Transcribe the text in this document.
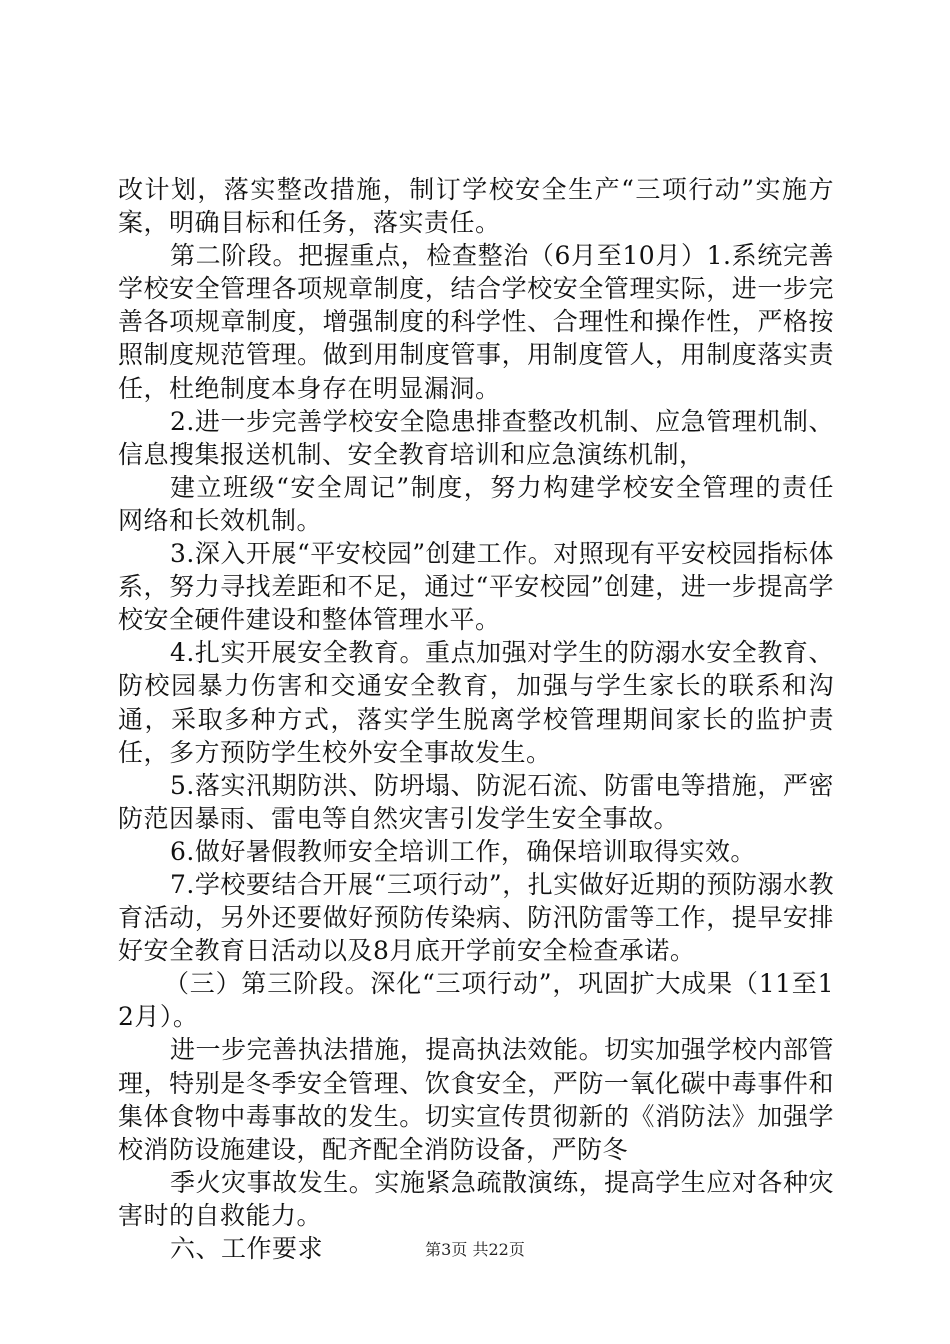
改计划，落实整改措施，制订学校安全生产“三项行动”实施方案，明确目标和任务，落实责任。

第二阶段。把握重点，检查整治（6月至10月）1.系统完善学校安全管理各项规章制度，结合学校安全管理实际，进一步完善各项规章制度，增强制度的科学性、合理性和操作性，严格按照制度规范管理。做到用制度管事，用制度管人，用制度落实责任，杜绝制度本身存在明显漏洞。

2.进一步完善学校安全隐患排查整改机制、应急管理机制、信息搜集报送机制、安全教育培训和应急演练机制，

建立班级“安全周记”制度，努力构建学校安全管理的责任网络和长效机制。

3.深入开展“平安校园”创建工作。对照现有平安校园指标体系，努力寻找差距和不足，通过“平安校园”创建，进一步提高学校安全硬件建设和整体管理水平。

4.扎实开展安全教育。重点加强对学生的防溺水安全教育、防校园暴力伤害和交通安全教育，加强与学生家长的联系和沟通，采取多种方式，落实学生脱离学校管理期间家长的监护责任，多方预防学生校外安全事故发生。

5.落实汛期防洪、防坍塌、防泥石流、防雷电等措施，严密防范因暴雨、雷电等自然灾害引发学生安全事故。

6.做好暑假教师安全培训工作，确保培训取得实效。

7.学校要结合开展“三项行动”，扎实做好近期的预防溺水教育活动，另外还要做好预防传染病、防汛防雷等工作，提早安排好安全教育日活动以及8月底开学前安全检查承诺。

（三）第三阶段。深化“三项行动”，巩固扩大成果（11至12月）。

进一步完善执法措施，提高执法效能。切实加强学校内部管理，特别是冬季安全管理、饮食安全，严防一氧化碳中毒事件和集体食物中毒事故的发生。切实宣传贯彻新的《消防法》加强学校消防设施建设，配齐配全消防设备，严防冬

季火灾事故发生。实施紧急疏散演练，提高学生应对各种灾害时的自救能力。

六、工作要求	第3页 共22页
